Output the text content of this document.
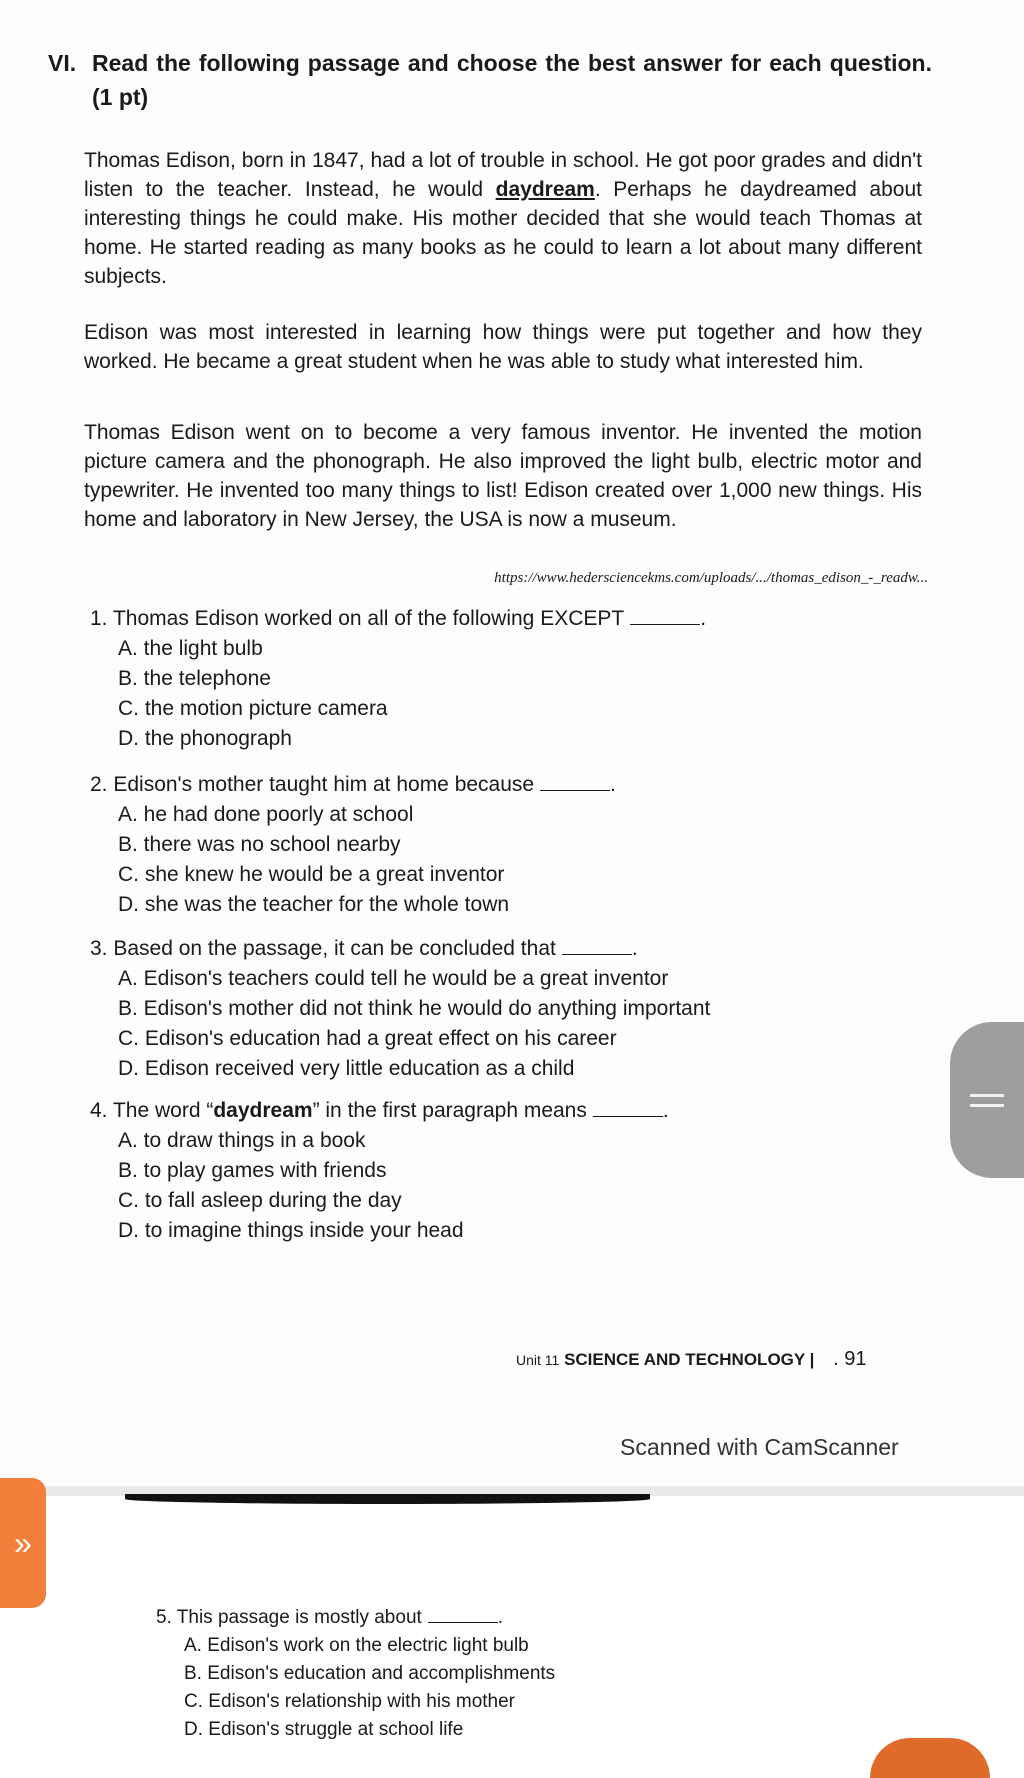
VI. Read the following passage and choose the best answer for each question. (1 pt)
Thomas Edison, born in 1847, had a lot of trouble in school. He got poor grades and didn't listen to the teacher. Instead, he would daydream. Perhaps he daydreamed about interesting things he could make. His mother decided that she would teach Thomas at home. He started reading as many books as he could to learn a lot about many different subjects.
Edison was most interested in learning how things were put together and how they worked. He became a great student when he was able to study what interested him.
Thomas Edison went on to become a very famous inventor. He invented the motion picture camera and the phonograph. He also improved the light bulb, electric motor and typewriter. He invented too many things to list! Edison created over 1,000 new things. His home and laboratory in New Jersey, the USA is now a museum.
https://www.hedersciencekms.com/uploads/.../thomas_edison_-_readw...
1. Thomas Edison worked on all of the following EXCEPT	.
A. the light bulb
B. the telephone
C. the motion picture camera
D. the phonograph
2. Edison's mother taught him at home because	.
A. he had done poorly at school
B. there was no school nearby
C. she knew he would be a great inventor
D. she was the teacher for the whole town
3. Based on the passage, it can be concluded that	.
A. Edison's teachers could tell he would be a great inventor
B. Edison's mother did not think he would do anything important
C. Edison's education had a great effect on his career
D. Edison received very little education as a child
4. The word “daydream” in the first paragraph means	.
A. to draw things in a book
B. to play games with friends
C. to fall asleep during the day
D. to imagine things inside your head
Unit 11 SCIENCE AND TECHNOLOGY | . 91
Scanned with CamScanner
5. This passage is mostly about	.
A. Edison's work on the electric light bulb
B. Edison's education and accomplishments
C. Edison's relationship with his mother
D. Edison's struggle at school life
»
